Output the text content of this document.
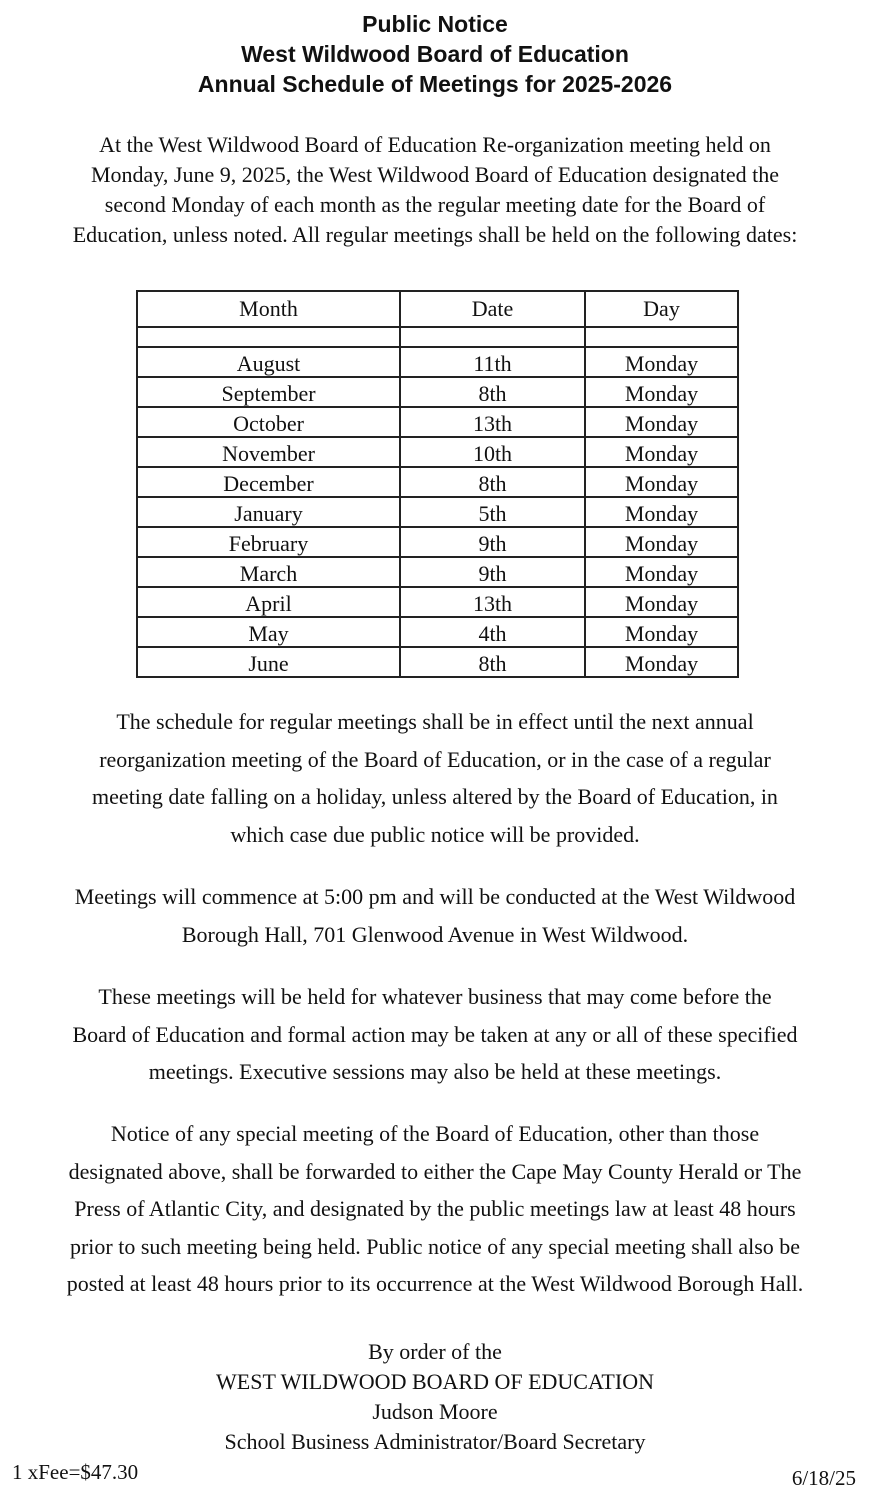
Public Notice
West Wildwood Board of Education
Annual Schedule of Meetings for 2025-2026
At the West Wildwood Board of Education Re-organization meeting held on
Monday, June 9, 2025, the West Wildwood Board of Education designated the
second Monday of each month as the regular meeting date for the Board of
Education, unless noted. All regular meetings shall be held on the following dates:
Month	Date	Day

August	11th	Monday
September	8th	Monday
October	13th	Monday
November	10th	Monday
December	8th	Monday
January	5th	Monday
February	9th	Monday
March	9th	Monday
April	13th	Monday
May	4th	Monday
June	8th	Monday
The schedule for regular meetings shall be in effect until the next annual
reorganization meeting of the Board of Education, or in the case of a regular
meeting date falling on a holiday, unless altered by the Board of Education, in
which case due public notice will be provided.
Meetings will commence at 5:00 pm and will be conducted at the West Wildwood
Borough Hall, 701 Glenwood Avenue in West Wildwood.
These meetings will be held for whatever business that may come before the
Board of Education and formal action may be taken at any or all of these specified
meetings. Executive sessions may also be held at these meetings.
Notice of any special meeting of the Board of Education, other than those
designated above, shall be forwarded to either the Cape May County Herald or The
Press of Atlantic City, and designated by the public meetings law at least 48 hours
prior to such meeting being held. Public notice of any special meeting shall also be
posted at least 48 hours prior to its occurrence at the West Wildwood Borough Hall.
By order of the
WEST WILDWOOD BOARD OF EDUCATION
Judson Moore
School Business Administrator/Board Secretary
1 xFee=$47.30	6/18/25
